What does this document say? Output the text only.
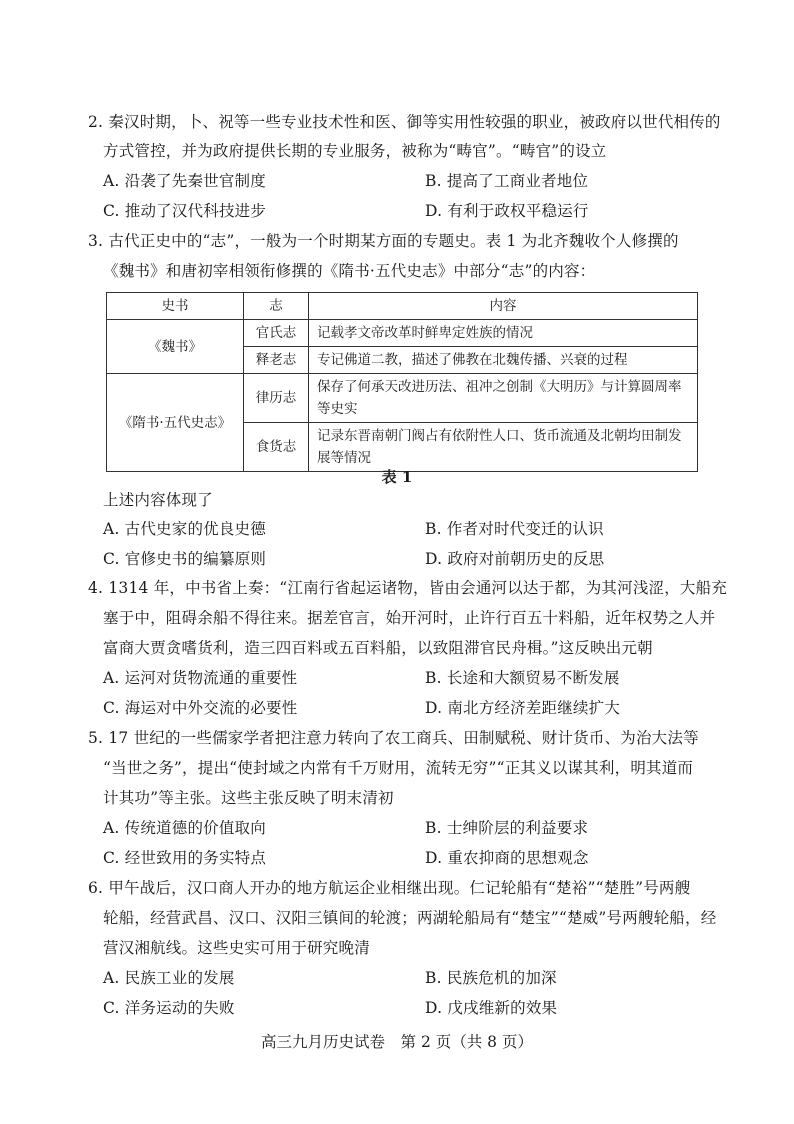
2. 秦汉时期，卜、祝等一些专业技术性和医、御等实用性较强的职业，被政府以世代相传的
方式管控，并为政府提供长期的专业服务，被称为“畴官”。“畴官”的设立
A. 沿袭了先秦世官制度	B. 提高了工商业者地位
C. 推动了汉代科技进步	D. 有利于政权平稳运行
3. 古代正史中的“志”，一般为一个时期某方面的专题史。表 1 为北齐魏收个人修撰的
《魏书》和唐初宰相领衔修撰的《隋书·五代史志》中部分“志”的内容：
史书	志	内容
《魏书》	官氏志	记载孝文帝改革时鲜卑定姓族的情况
	释老志	专记佛道二教，描述了佛教在北魏传播、兴衰的过程
《隋书·五代史志》	律历志	保存了何承天改进历法、祖冲之创制《大明历》与计算圆周率等史实
	食货志	记录东晋南朝门阀占有依附性人口、货币流通及北朝均田制发展等情况
表 1
上述内容体现了
A. 古代史家的优良史德	B. 作者对时代变迁的认识
C. 官修史书的编纂原则	D. 政府对前朝历史的反思
4. 1314 年，中书省上奏：“江南行省起运诸物，皆由会通河以达于都，为其河浅涩，大船充
塞于中，阻碍余船不得往来。据差官言，始开河时，止许行百五十料船，近年权势之人并
富商大贾贪嗜货利，造三四百料或五百料船，以致阻滞官民舟楫。”这反映出元朝
A. 运河对货物流通的重要性	B. 长途和大额贸易不断发展
C. 海运对中外交流的必要性	D. 南北方经济差距继续扩大
5. 17 世纪的一些儒家学者把注意力转向了农工商兵、田制赋税、财计货币、为治大法等
“当世之务”，提出“使封域之内常有千万财用，流转无穷”“正其义以谋其利，明其道而
计其功”等主张。这些主张反映了明末清初
A. 传统道德的价值取向	B. 士绅阶层的利益要求
C. 经世致用的务实特点	D. 重农抑商的思想观念
6. 甲午战后，汉口商人开办的地方航运企业相继出现。仁记轮船有“楚裕”“楚胜”号两艘
轮船，经营武昌、汉口、汉阳三镇间的轮渡；两湖轮船局有“楚宝”“楚威”号两艘轮船，经
营汉湘航线。这些史实可用于研究晚清
A. 民族工业的发展	B. 民族危机的加深
C. 洋务运动的失败	D. 戊戌维新的效果
高三九月历史试卷　第 2 页（共 8 页）
